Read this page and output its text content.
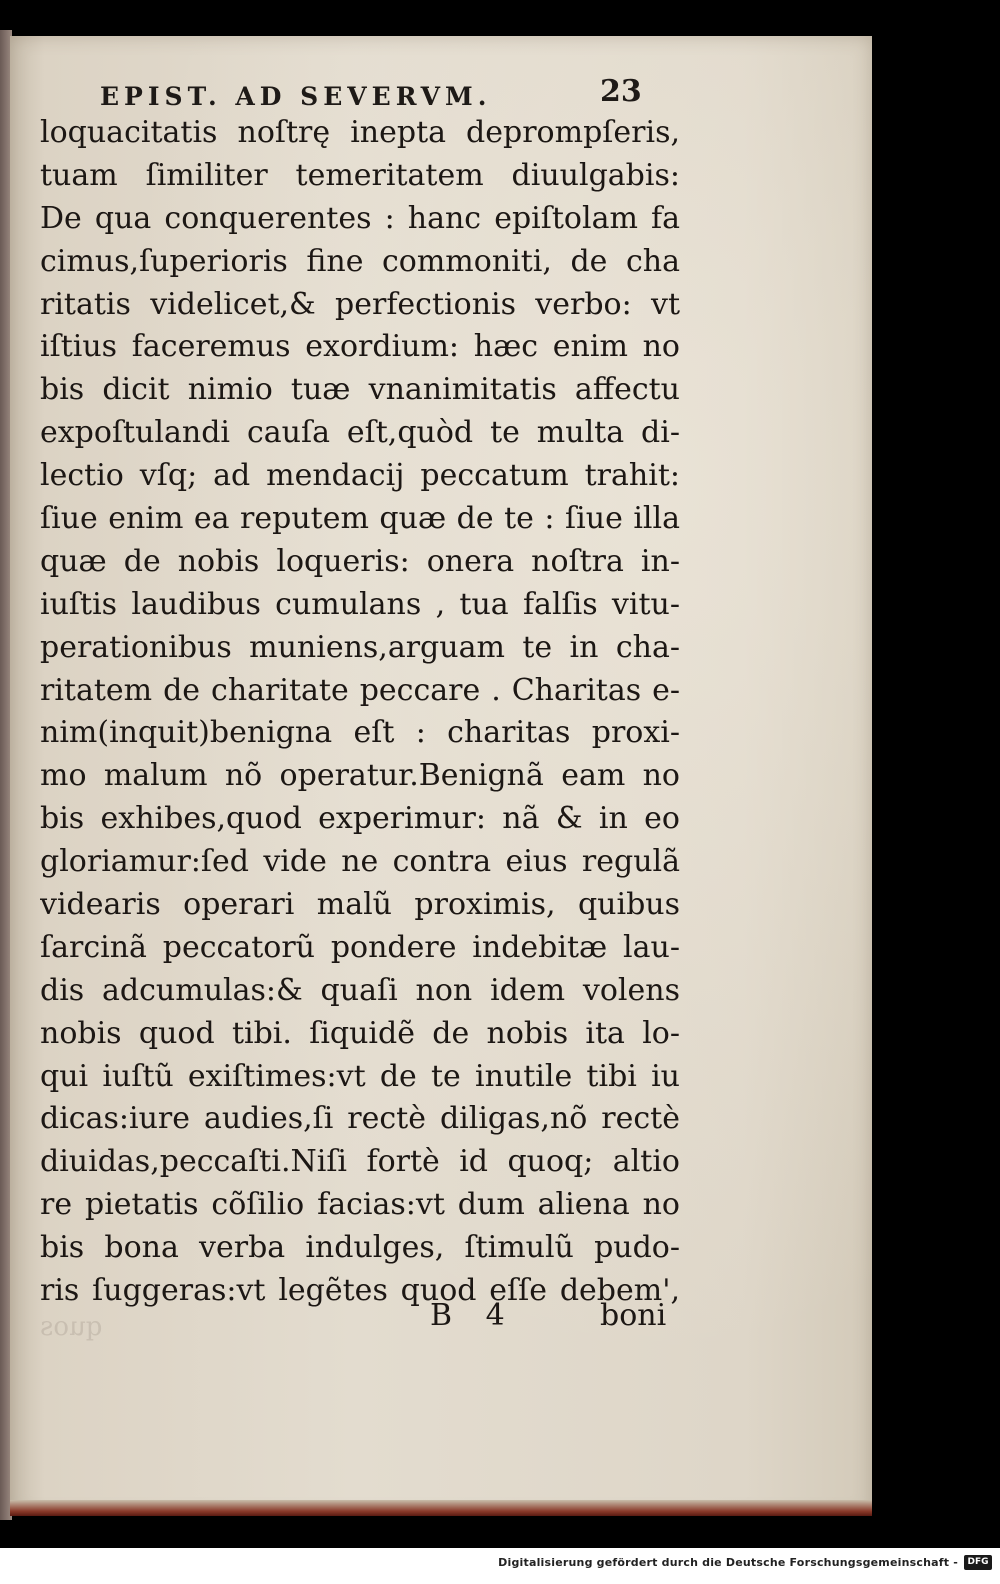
EPIST. AD SEVERVM.	23
loquacitatis noſtrę inepta deprompſeris,
tuam ſimiliter temeritatem diuulgabis:
De qua conquerentes : hanc epiſtolam fa
cimus,ſuperioris fine commoniti, de cha
ritatis videlicet,& perfectionis verbo: vt
iſtius faceremus exordium: hæc enim no
bis dicit nimio tuæ vnanimitatis affectu
expoſtulandi cauſa eſt,quòd te multa di-
lectio vſq; ad mendacij peccatum trahit:
ſiue enim ea reputem quæ de te : ſiue illa
quæ de nobis loqueris: onera noſtra in-
iuſtis laudibus cumulans , tua falſis vitu-
perationibus muniens,arguam te in cha-
ritatem de charitate peccare . Charitas e-
nim(inquit)benigna eſt : charitas proxi-
mo malum nõ operatur.Benignã eam no
bis exhibes,quod experimur: nã & in eo
gloriamur:ſed vide ne contra eius regulã
videaris operari malũ proximis, quibus
ſarcinã peccatorũ pondere indebitæ lau-
dis adcumulas:& quaſi non idem volens
nobis quod tibi. ſiquidẽ de nobis ita lo-
qui iuſtũ exiſtimes:vt de te inutile tibi iu
dicas:iure audies,ſi rectè diligas,nõ rectè
diuidas,peccaſti.Niſi fortè id quoq; altio
re pietatis cõſilio facias:vt dum aliena no
bis bona verba indulges, ſtimulũ pudo-
ris ſuggeras:vt legẽtes quod eſſe debem',
quos	B 4	boni
Digitalisierung gefördert durch die Deutsche Forschungsgemeinschaft -	DFG
